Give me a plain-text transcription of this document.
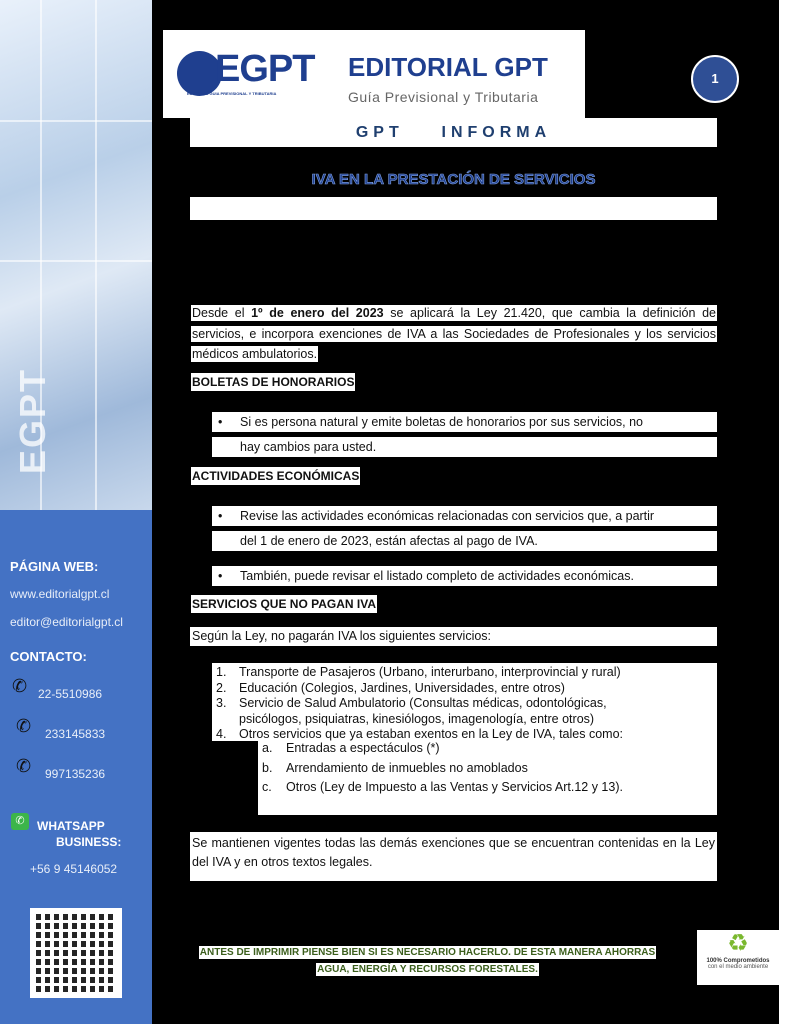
EGPT
PÁGINA WEB:
www.editorialgpt.cl
editor@editorialgpt.cl
CONTACTO:
✆ 22-5510986
✆ 233145833
✆ 997135236
✆	WHATSAPP
BUSINESS:
+56 9 45146052
EGPT
EDITORIAL GUIA PREVISIONAL Y TRIBUTARIA
EDITORIAL GPT
Guía Previsional y Tributaria
1
GPT    INFORMA
IVA EN LA PRESTACIÓN DE SERVICIOS
Desde el 1º de enero del 2023 se aplicará la Ley 21.420, que cambia la definición de servicios, e incorpora exenciones de IVA a las Sociedades de Profesionales y los servicios médicos ambulatorios.
BOLETAS DE HONORARIOS
• Si es persona natural y emite boletas de honorarios por sus servicios, no
hay cambios para usted.
ACTIVIDADES ECONÓMICAS
• Revise las actividades económicas relacionadas con servicios que, a partir
del 1 de enero de 2023, están afectas al pago de IVA.
• También, puede revisar el listado completo de actividades económicas.
SERVICIOS QUE NO PAGAN IVA
Según la Ley, no pagarán IVA los siguientes servicios:
1. Transporte de Pasajeros (Urbano, interurbano, interprovincial y rural)
2. Educación (Colegios, Jardines, Universidades, entre otros)
3. Servicio de Salud Ambulatorio (Consultas médicas, odontológicas,
psicólogos, psiquiatras, kinesiólogos, imagenología, entre otros)
4. Otros servicios que ya estaban exentos en la Ley de IVA, tales como:
a. Entradas a espectáculos (*)
b. Arrendamiento de inmuebles no amoblados
c. Otros (Ley de Impuesto a las Ventas y Servicios Art.12 y 13).
Se mantienen vigentes todas las demás exenciones que se encuentran contenidas en la Ley del IVA y en otros textos legales.
ANTES DE IMPRIMIR PIENSE BIEN SI ES NECESARIO HACERLO. DE ESTA MANERA AHORRAS
AGUA, ENERGÍA Y RECURSOS FORESTALES.
♻
100% Comprometidos
con el medio ambiente
